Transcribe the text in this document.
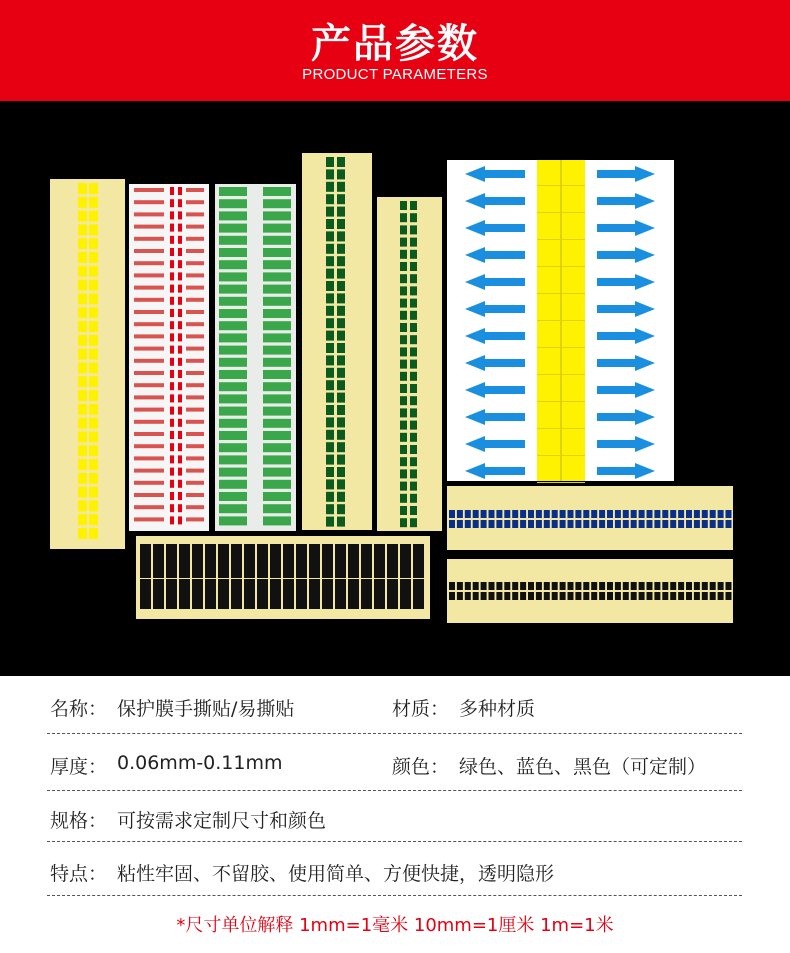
产品参数
PRODUCT PARAMETERS
名称： 保护膜手撕贴/易撕贴	材质： 多种材质
厚度： 0.06mm-0.11mm	颜色： 绿色、蓝色、黑色（可定制）
规格： 可按需求定制尺寸和颜色
特点： 粘性牢固、不留胶、使用简单、方便快捷，透明隐形
*尺寸单位解释 1mm=1毫米 10mm=1厘米 1m=1米
